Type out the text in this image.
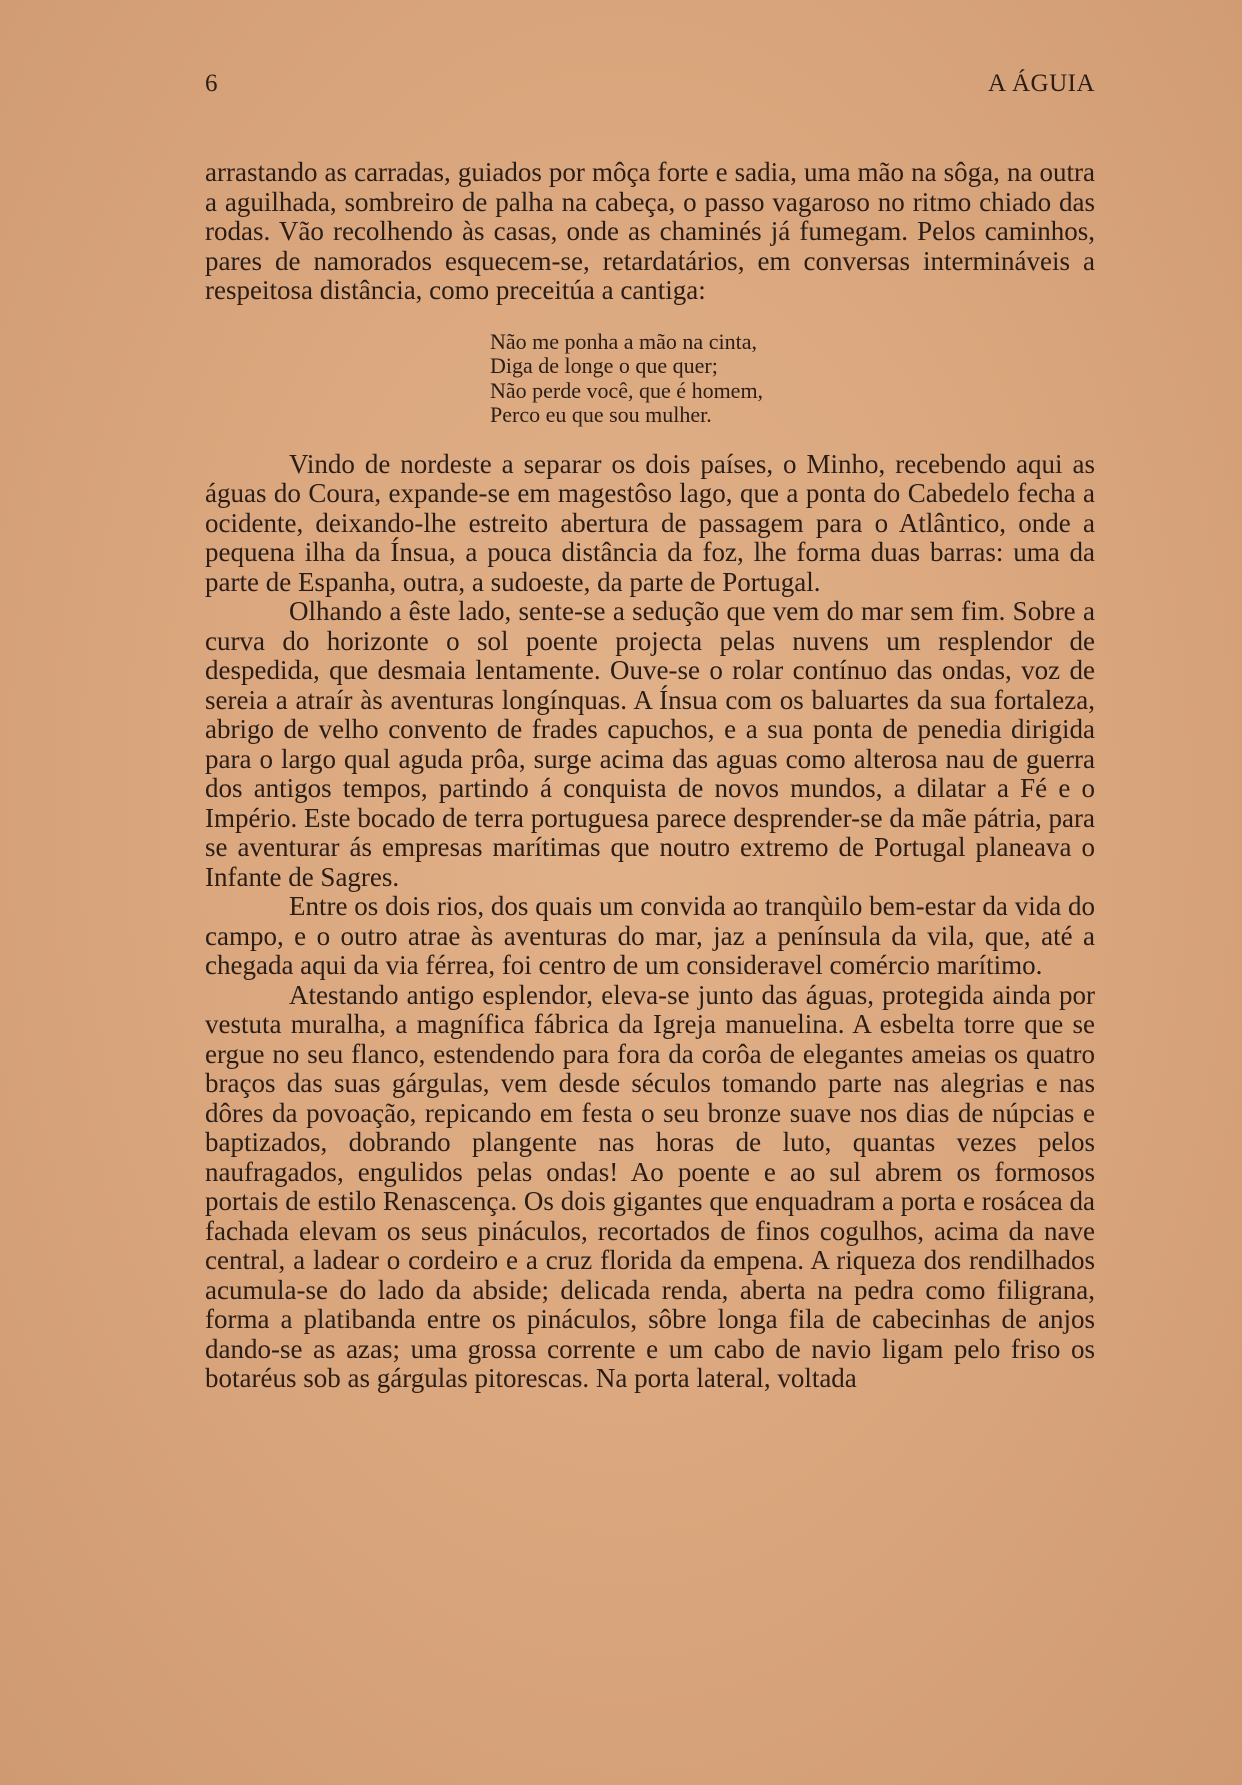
6	A ÁGUIA

arrastando as carradas, guiados por môça forte e sadia, uma mão na sôga, na outra a aguilhada, sombreiro de palha na cabeça, o passo vagaroso no ritmo chiado das rodas. Vão recolhendo às casas, onde as chaminés já fumegam. Pelos caminhos, pares de namorados esquecem-se, retardatários, em conversas intermináveis a respeitosa distância, como preceitúa a cantiga:

Não me ponha a mão na cinta,
Diga de longe o que quer;
Não perde você, que é homem,
Perco eu que sou mulher.

Vindo de nordeste a separar os dois países, o Minho, recebendo aqui as águas do Coura, expande-se em magestôso lago, que a ponta do Cabedelo fecha a ocidente, deixando-lhe estreito abertura de passagem para o Atlântico, onde a pequena ilha da Ínsua, a pouca distância da foz, lhe forma duas barras: uma da parte de Espanha, outra, a sudoeste, da parte de Portugal.

Olhando a êste lado, sente-se a sedução que vem do mar sem fim. Sobre a curva do horizonte o sol poente projecta pelas nuvens um resplendor de despedida, que desmaia lentamente. Ouve-se o rolar contínuo das ondas, voz de sereia a atraír às aventuras longínquas. A Ínsua com os baluartes da sua fortaleza, abrigo de velho convento de frades capuchos, e a sua ponta de penedia dirigida para o largo qual aguda prôa, surge acima das aguas como alterosa nau de guerra dos antigos tempos, partindo á conquista de novos mundos, a dilatar a Fé e o Império. Este bocado de terra portuguesa parece desprender-se da mãe pátria, para se aventurar ás empresas marítimas que noutro extremo de Portugal planeava o Infante de Sagres.

Entre os dois rios, dos quais um convida ao tranqùilo bem-estar da vida do campo, e o outro atrae às aventuras do mar, jaz a península da vila, que, até a chegada aqui da via férrea, foi centro de um consideravel comércio marítimo.

Atestando antigo esplendor, eleva-se junto das águas, protegida ainda por vestuta muralha, a magnífica fábrica da Igreja manuelina. A esbelta torre que se ergue no seu flanco, estendendo para fora da corôa de elegantes ameias os quatro braços das suas gárgulas, vem desde séculos tomando parte nas alegrias e nas dôres da povoação, repicando em festa o seu bronze suave nos dias de núpcias e baptizados, dobrando plangente nas horas de luto, quantas vezes pelos naufragados, engulidos pelas ondas! Ao poente e ao sul abrem os formosos portais de estilo Renascença. Os dois gigantes que enquadram a porta e rosácea da fachada elevam os seus pináculos, recortados de finos cogulhos, acima da nave central, a ladear o cordeiro e a cruz florida da empena. A riqueza dos rendilhados acumula-se do lado da abside; delicada renda, aberta na pedra como filigrana, forma a platibanda entre os pináculos, sôbre longa fila de cabecinhas de anjos dando-se as azas; uma grossa corrente e um cabo de navio ligam pelo friso os botaréus sob as gárgulas pitorescas. Na porta lateral, voltada
